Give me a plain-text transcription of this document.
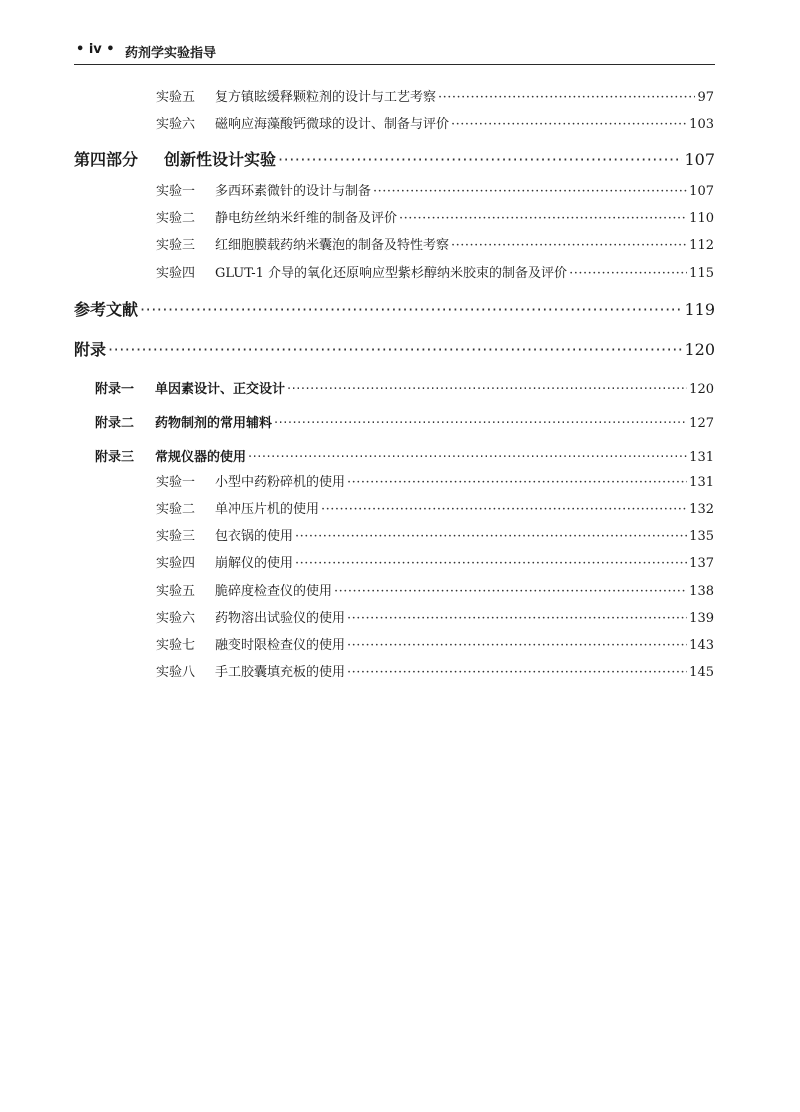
• iv • 药剂学实验指导
实验五	复方镇眩缓释颗粒剂的设计与工艺考察 ·····	97
实验六	磁响应海藻酸钙微球的设计、制备与评价 ·····	103
第四部分	创新性设计实验 ·····	107
实验一	多西环素微针的设计与制备 ·····	107
实验二	静电纺丝纳米纤维的制备及评价 ·····	110
实验三	红细胞膜载药纳米囊泡的制备及特性考察 ·····	112
实验四	GLUT-1 介导的氧化还原响应型紫杉醇纳米胶束的制备及评价 ·····	115
参考文献 ·····	119
附录 ·····	120
附录一	单因素设计、正交设计 ·····	120
附录二	药物制剂的常用辅料 ·····	127
附录三	常规仪器的使用 ·····	131
实验一	小型中药粉碎机的使用 ·····	131
实验二	单冲压片机的使用 ·····	132
实验三	包衣锅的使用 ·····	135
实验四	崩解仪的使用 ·····	137
实验五	脆碎度检查仪的使用 ·····	138
实验六	药物溶出试验仪的使用 ·····	139
实验七	融变时限检查仪的使用 ·····	143
实验八	手工胶囊填充板的使用 ·····	145
